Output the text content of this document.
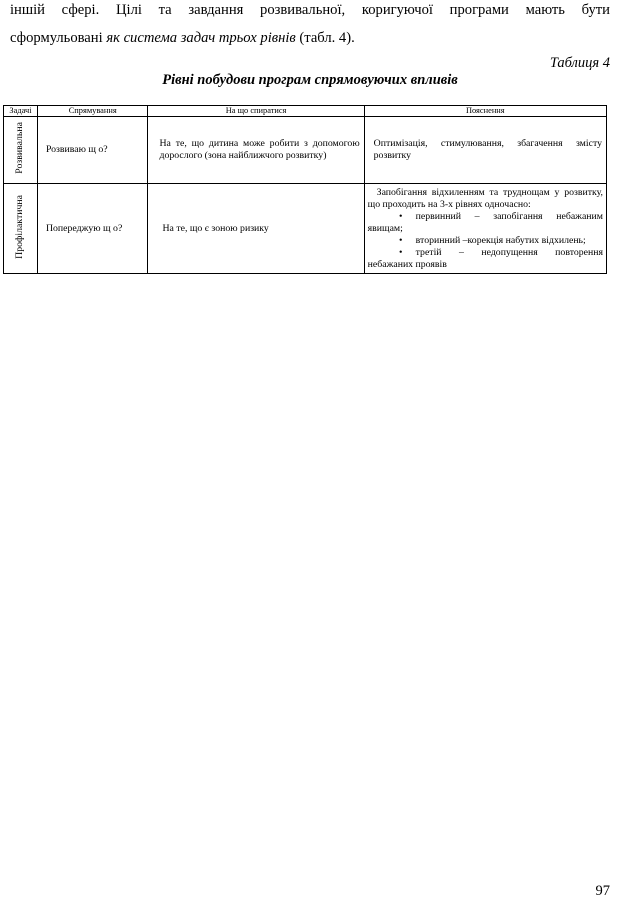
іншій сфері. Цілі та завдання розвивальної, коригуючої програми мають бути

сформульовані як система задач трьох рівнів (табл. 4).

Таблиця 4
Рівні побудови програм спрямовуючих впливів
Задачі	Спрямування	На що спиратися	Пояснення
Розвивальна	Розвиваю щ о?	На те, що дитина може робити з допомогою дорослого (зона найближчого розвитку)	Оптимізація, стимулювання, збагачення змісту розвитку
Профілактична	Попереджую щ о?	На те, що є зоною ризику	Запобігання відхиленням та труднощам у розвитку, що проходить на 3-х рівнях одночасно:
• первинний – запобігання небажаним явищам;
• вторинний –корекція набутих відхилень;
• третій – недопущення повторення небажаних проявів
97
